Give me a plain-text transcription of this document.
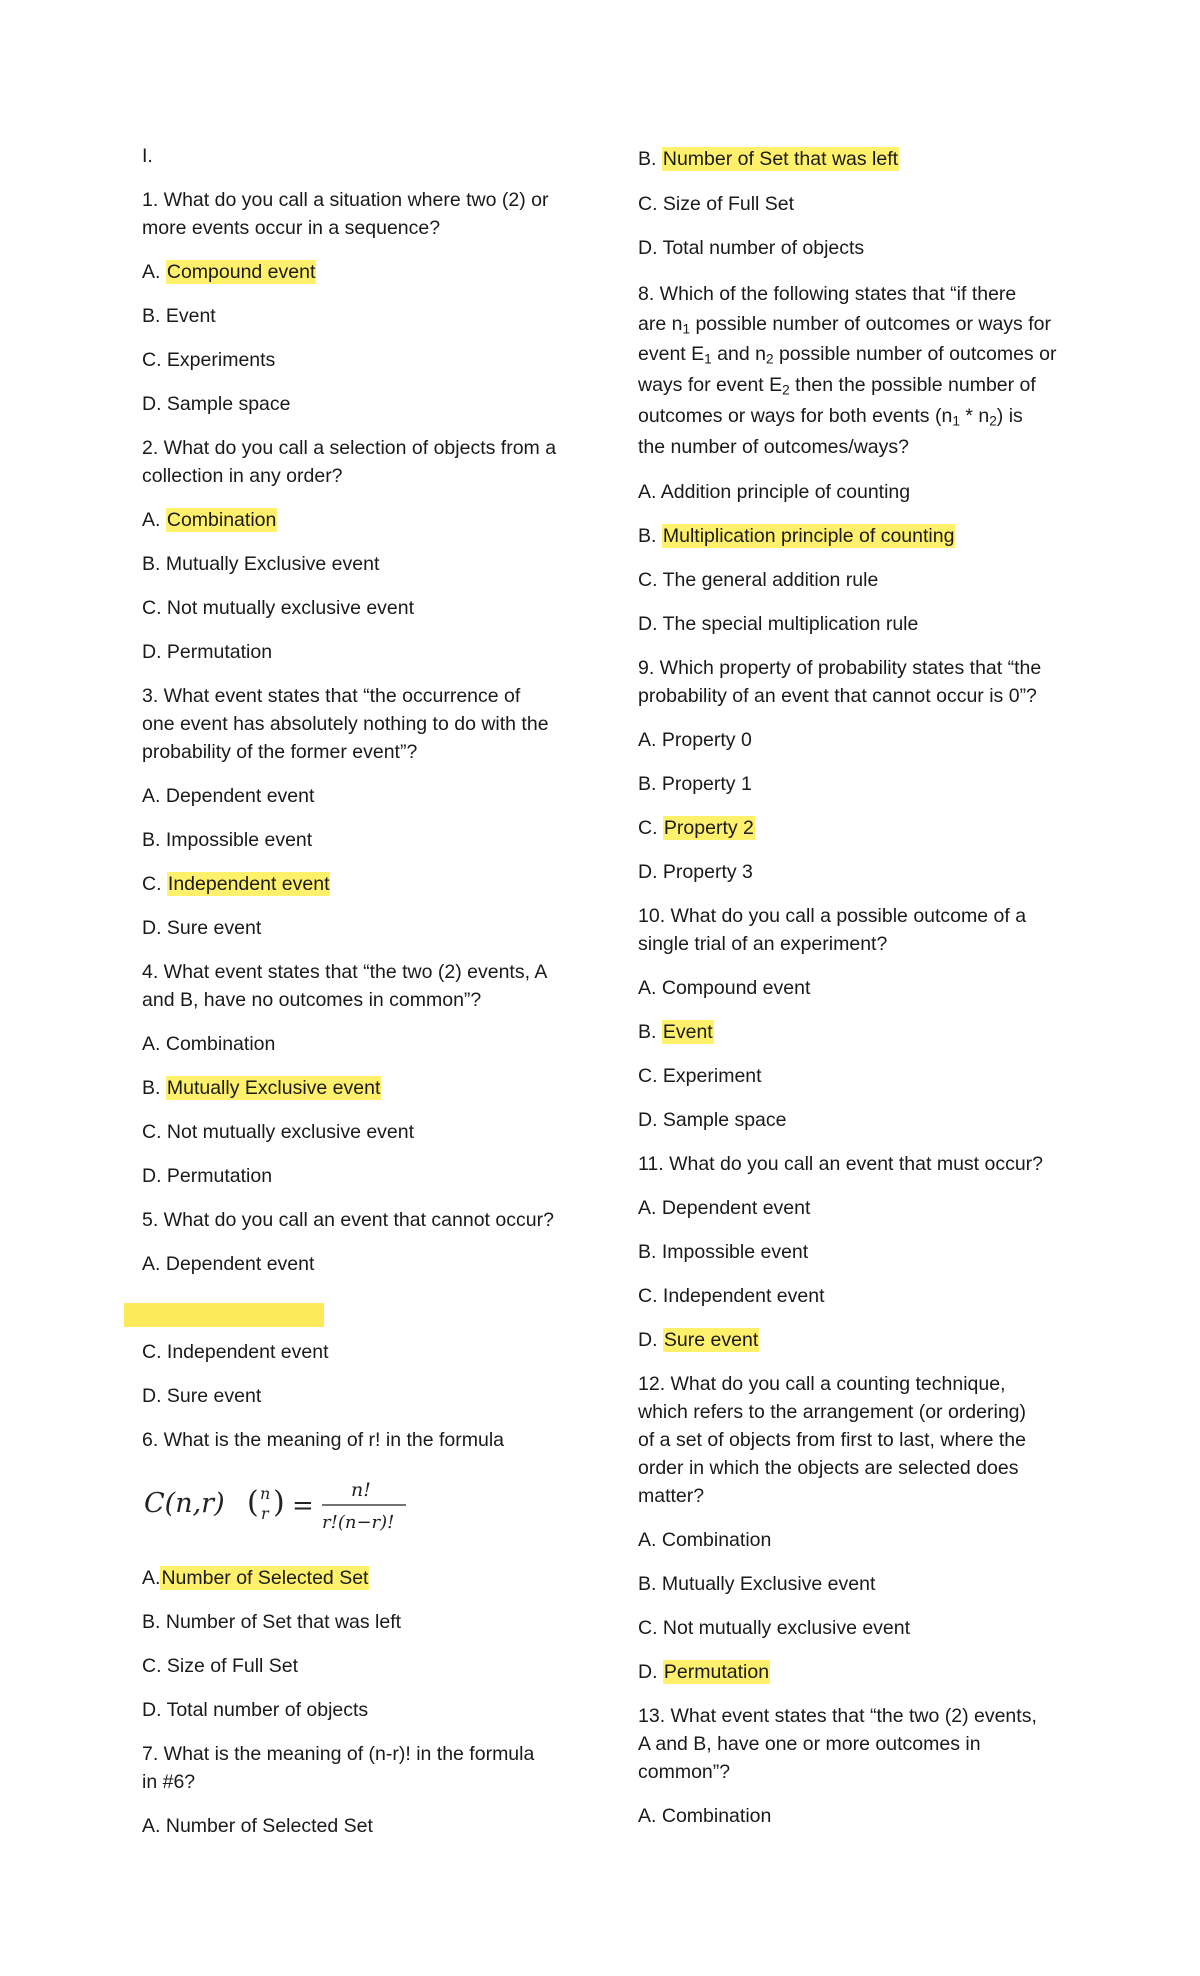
I.
1. What do you call a situation where two (2) or
more events occur in a sequence?
A. Compound event
B. Event
C. Experiments
D. Sample space
2. What do you call a selection of objects from a
collection in any order?
A. Combination
B. Mutually Exclusive event
C. Not mutually exclusive event
D. Permutation
3. What event states that “the occurrence of
one event has absolutely nothing to do with the
probability of the former event”?
A. Dependent event
B. Impossible event
C. Independent event
D. Sure event
4. What event states that “the two (2) events, A
and B, have no outcomes in common”?
A. Combination
B. Mutually Exclusive event
C. Not mutually exclusive event
D. Permutation
5. What do you call an event that cannot occur?
A. Dependent event
C. Independent event
D. Sure event
6. What is the meaning of r! in the formula
C(n,r) ( n
r ) =
n!
r!(n−r)!
A.Number of Selected Set
B. Number of Set that was left
C. Size of Full Set
D. Total number of objects
7. What is the meaning of (n-r)! in the formula
in #6?
A. Number of Selected Set
B. Number of Set that was left
C. Size of Full Set
D. Total number of objects
8. Which of the following states that “if there
are $n_1$ possible number of outcomes or ways for
event $E_1$ and $n_2$ possible number of outcomes or
ways for event $E_2$ then the possible number of
outcomes or ways for both events $(n_1 * n_2)$ is
the number of outcomes/ways?
A. Addition principle of counting
B. Multiplication principle of counting
C. The general addition rule
D. The special multiplication rule
9. Which property of probability states that “the
probability of an event that cannot occur is 0”?
A. Property 0
B. Property 1
C. Property 2
D. Property 3
10. What do you call a possible outcome of a
single trial of an experiment?
A. Compound event
B. Event
C. Experiment
D. Sample space
11. What do you call an event that must occur?
A. Dependent event
B. Impossible event
C. Independent event
D. Sure event
12. What do you call a counting technique,
which refers to the arrangement (or ordering)
of a set of objects from first to last, where the
order in which the objects are selected does
matter?
A. Combination
B. Mutually Exclusive event
C. Not mutually exclusive event
D. Permutation
13. What event states that “the two (2) events,
A and B, have one or more outcomes in
common”?
A. Combination
